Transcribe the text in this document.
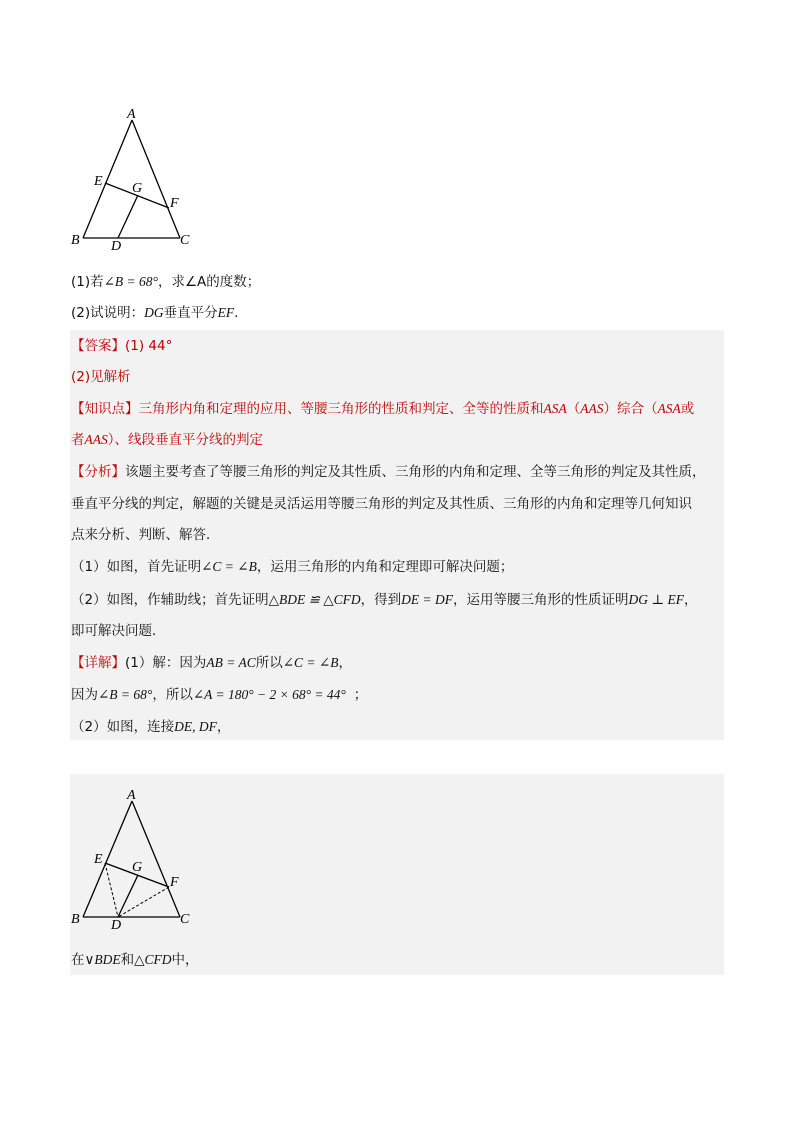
A
E G
F
B	C
D
(1)若∠B = 68°，求∠A的度数；
(2)试说明：DG垂直平分EF.
【答案】(1) 44°
(2)见解析
【知识点】三角形内角和定理的应用、等腰三角形的性质和判定、全等的性质和ASA（AAS）综合（ASA或
者AAS）、线段垂直平分线的判定
【分析】该题主要考查了等腰三角形的判定及其性质、三角形的内角和定理、全等三角形的判定及其性质，
垂直平分线的判定，解题的关键是灵活运用等腰三角形的判定及其性质、三角形的内角和定理等几何知识
点来分析、判断、解答．
（1）如图，首先证明∠C = ∠B，运用三角形的内角和定理即可解决问题；
（2）如图，作辅助线；首先证明△BDE ≌ △CFD，得到DE = DF，运用等腰三角形的性质证明DG ⊥ EF，
即可解决问题．
【详解】(1）解：因为AB = AC所以∠C = ∠B，
因为∠B = 68°，所以∠A = 180° − 2 × 68° = 44° ；
（2）如图，连接DE, DF，
A
E
G
F
B	C
D
在∨BDE和△CFD中，
